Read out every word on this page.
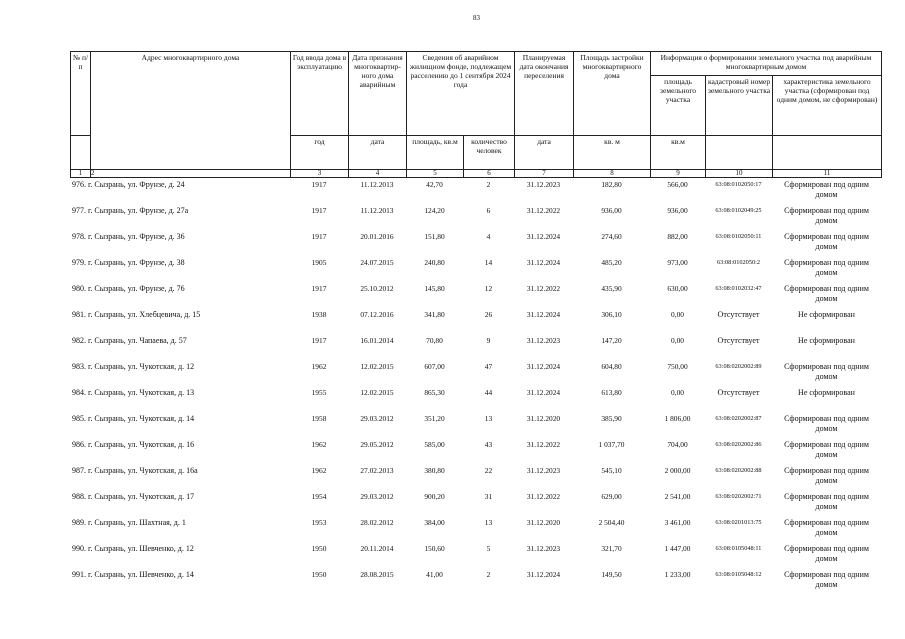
83
№ п/п	Адрес многоквартирного дома	Год ввода дома в эксплуатацию	Дата признания многоквартир-ного дома аварийным	Сведения об аварийном жилищном фонде, подлежащем расселению до 1 сентября 2024 года		Планируемая дата окончания переселения	Площадь застройки многоквартирного дома	Информация о формировании земельного участка под аварийным многоквартирным домом		
								площадь земельного участка	кадастровый номер земельного участка	характеристика земельного участка (сформирован под одним домом, не сформирован)
		год	дата	площадь, кв.м	количество человек	дата	кв. м	кв.м		
1	2	3	4	5	6	7	8	9	10	11
976. г. Сызрань, ул. Фрунзе, д. 24	1917	11.12.2013	42,70	2	31.12.2023	182,80	566,00	63:08:0102050:17	Сформирован под одним домом
977. г. Сызрань, ул. Фрунзе, д. 27а	1917	11.12.2013	124,20	6	31.12.2022	936,00	936,00	63:08:0102049:25	Сформирован под одним домом
978. г. Сызрань, ул. Фрунзе, д. 36	1917	20.01.2016	151,80	4	31.12.2024	274,60	882,00	63:08:0102050:11	Сформирован под одним домом
979. г. Сызрань, ул. Фрунзе, д. 38	1905	24.07.2015	240,80	14	31.12.2024	485,20	973,00	63:08:0102050:2	Сформирован под одним домом
980. г. Сызрань, ул. Фрунзе, д. 76	1917	25.10.2012	145,80	12	31.12.2022	435,90	630,00	63:08:0102032:47	Сформирован под одним домом
981. г. Сызрань, ул. Хлебцевича, д. 15	1938	07.12.2016	341,80	26	31.12.2024	306,10	0,00	Отсутствует	Не сформирован
982. г. Сызрань, ул. Чапаева, д. 57	1917	16.01.2014	70,80	9	31.12.2023	147,20	0,00	Отсутствует	Не сформирован
983. г. Сызрань, ул. Чукотская, д. 12	1962	12.02.2015	607,00	47	31.12.2024	604,80	750,00	63:08:0202002:89	Сформирован под одним домом
984. г. Сызрань, ул. Чукотская, д. 13	1955	12.02.2015	865,30	44	31.12.2024	613,80	0,00	Отсутствует	Не сформирован
985. г. Сызрань, ул. Чукотская, д. 14	1958	29.03.2012	351,20	13	31.12.2020	385,90	1 806,00	63:08:0202002:87	Сформирован под одним домом
986. г. Сызрань, ул. Чукотская, д. 16	1962	29.05.2012	585,00	43	31.12.2022	1 037,70	704,00	63:08:0202002:86	Сформирован под одним домом
987. г. Сызрань, ул. Чукотская, д. 16а	1962	27.02.2013	380,80	22	31.12.2023	545,10	2 000,00	63:08:0202002:88	Сформирован под одним домом
988. г. Сызрань, ул. Чукотская, д. 17	1954	29.03.2012	900,20	31	31.12.2022	629,00	2 541,00	63:08:0202002:71	Сформирован под одним домом
989. г. Сызрань, ул. Шахтная, д. 1	1953	28.02.2012	384,00	13	31.12.2020	2 504,40	3 461,00	63:08:0201013:75	Сформирован под одним домом
990. г. Сызрань, ул. Шевченко, д. 12	1950	20.11.2014	150,60	5	31.12.2023	321,70	1 447,00	63:08:0105048:11	Сформирован под одним домом
991. г. Сызрань, ул. Шевченко, д. 14	1950	28.08.2015	41,00	2	31.12.2024	149,50	1 233,00	63:08:0105048:12	Сформирован под одним домом
